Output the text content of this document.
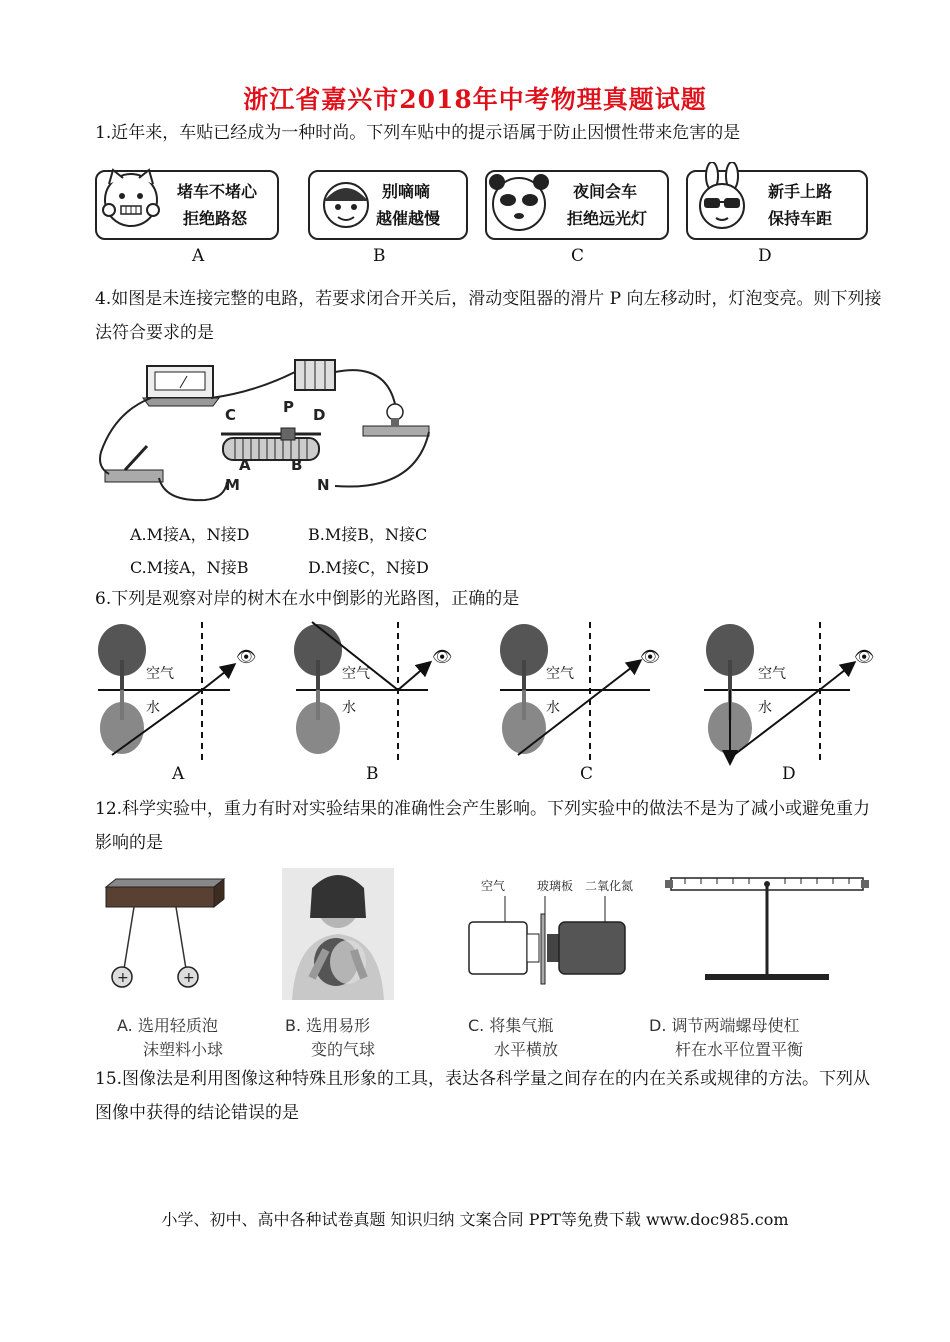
浙江省嘉兴市2018年中考物理真题试题
1.近年来，车贴已经成为一种时尚。下列车贴中的提示语属于防止因惯性带来危害的是
堵车不堵心
拒绝路怒
别嘀嘀
越催越慢
夜间会车
拒绝远光灯
新手上路
保持车距
A	B	C	D
4.如图是未连接完整的电路，若要求闭合开关后，滑动变阻器的滑片 P 向左移动时，灯泡变亮。则下列接法符合要求的是
C	P D
A	B
M	N
A.M接A，N接D	B.M接B，N接C
C.M接A，N接B	D.M接C，N接D
6.下列是观察对岸的树木在水中倒影的光路图，正确的是
空气
水
👁
空气
水
👁
空气
水
👁
空气
水
👁
A	B	C	D
12.科学实验中，重力有时对实验结果的准确性会产生影响。下列实验中的做法不是为了减小或避免重力影响的是
+	+
空气	玻璃板 二氧化氮
A. 选用轻质泡
沫塑料小球
B. 选用易形
变的气球
C. 将集气瓶
水平横放
D. 调节两端螺母使杠
杆在水平位置平衡
15.图像法是利用图像这种特殊且形象的工具，表达各科学量之间存在的内在关系或规律的方法。下列从图像中获得的结论错误的是
小学、初中、高中各种试卷真题 知识归纳 文案合同 PPT等免费下载 www.doc985.com
